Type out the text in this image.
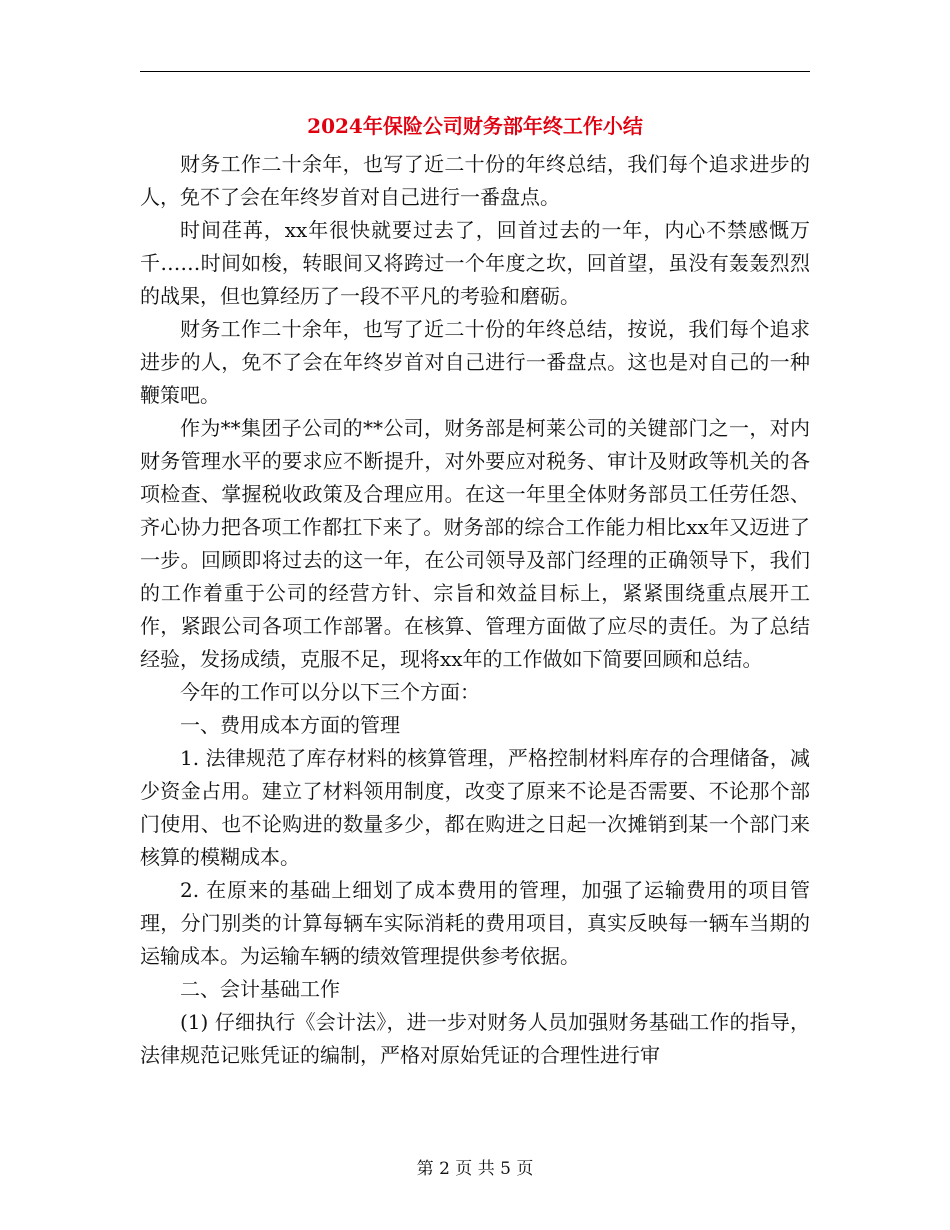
2024年保险公司财务部年终工作小结

财务工作二十余年，也写了近二十份的年终总结，我们每个追求进步的人，免不了会在年终岁首对自己进行一番盘点。

时间荏苒，xx年很快就要过去了，回首过去的一年，内心不禁感慨万千……时间如梭，转眼间又将跨过一个年度之坎，回首望，虽没有轰轰烈烈的战果，但也算经历了一段不平凡的考验和磨砺。

财务工作二十余年，也写了近二十份的年终总结，按说，我们每个追求进步的人，免不了会在年终岁首对自己进行一番盘点。这也是对自己的一种鞭策吧。

作为**集团子公司的**公司，财务部是柯莱公司的关键部门之一，对内财务管理水平的要求应不断提升，对外要应对税务、审计及财政等机关的各项检查、掌握税收政策及合理应用。在这一年里全体财务部员工任劳任怨、齐心协力把各项工作都扛下来了。财务部的综合工作能力相比xx年又迈进了一步。回顾即将过去的这一年，在公司领导及部门经理的正确领导下，我们的工作着重于公司的经营方针、宗旨和效益目标上，紧紧围绕重点展开工作，紧跟公司各项工作部署。在核算、管理方面做了应尽的责任。为了总结经验，发扬成绩，克服不足，现将xx年的工作做如下简要回顾和总结。

今年的工作可以分以下三个方面：

一、费用成本方面的管理

1. 法律规范了库存材料的核算管理，严格控制材料库存的合理储备，减少资金占用。建立了材料领用制度，改变了原来不论是否需要、不论那个部门使用、也不论购进的数量多少，都在购进之日起一次摊销到某一个部门来核算的模糊成本。

2. 在原来的基础上细划了成本费用的管理，加强了运输费用的项目管理，分门别类的计算每辆车实际消耗的费用项目，真实反映每一辆车当期的运输成本。为运输车辆的绩效管理提供参考依据。

二、会计基础工作

(1) 仔细执行《会计法》，进一步对财务人员加强财务基础工作的指导，法律规范记账凭证的编制，严格对原始凭证的合理性进行审

第 2 页 共 5 页
